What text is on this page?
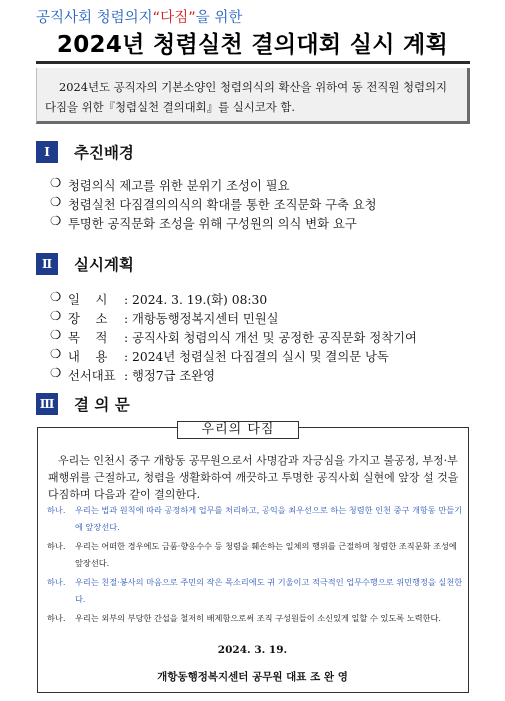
공직사회 청렴의지“다짐”을 위한
2024년 청렴실천 결의대회 실시 계획

2024년도 공직자의 기본소양인 청렴의식의 확산을 위하여 동 전직원 청렴의지 다짐을 위한『청렴실천 결의대회』를 실시코자 함.

Ⅰ	추진배경
❍ 청렴의식 제고를 위한 분위기 조성이 필요
❍ 청렴실천 다짐결의의식의 확대를 통한 조직문화 구축 요청
❍ 투명한 공직문화 조성을 위해 구성원의 의식 변화 요구
Ⅱ	실시계획
❍ 일    시	: 2024. 3. 19.(화) 08:30
❍ 장    소	: 개항동행정복지센터 민원실
❍ 목    적	: 공직사회 청렴의식 개선 및 공정한 공직문화 정착기여
❍ 내    용	: 2024년 청렴실천 다짐결의 실시 및 결의문 낭독
❍ 선서대표 : 행정7급 조완영
Ⅲ 결 의 문
우리의 다짐

우리는 인천시 중구 개항동 공무원으로서 사명감과 자긍심을 가지고 불공정, 부정·부패행위를 근절하고, 청렴을 생활화하여 깨끗하고 투명한 공직사회 실현에 앞장 설 것을 다짐하며 다음과 같이 결의한다.

하나.	우리는 법과 원칙에 따라 공정하게 업무를 처리하고, 공익을 최우선으로 하는 청렴한 인천 중구 개항동 만들기에 앞장선다.
하나.	우리는 어떠한 경우에도 금품·향응수수 등 청렴을 훼손하는 일체의 행위를 근절하며 청렴한 조직문화 조성에 앞장선다.
하나.	우리는 친절·봉사의 마음으로 주민의 작은 목소리에도 귀 기울이고 적극적인 업무수행으로 위민행정을 실천한다.
하나.	우리는 외부의 부당한 간섭을 철저히 배제함으로써 조직 구성원들이 소신있게 일할 수 있도록 노력한다.
2024. 3. 19.
개항동행정복지센터 공무원 대표 조 완 영
